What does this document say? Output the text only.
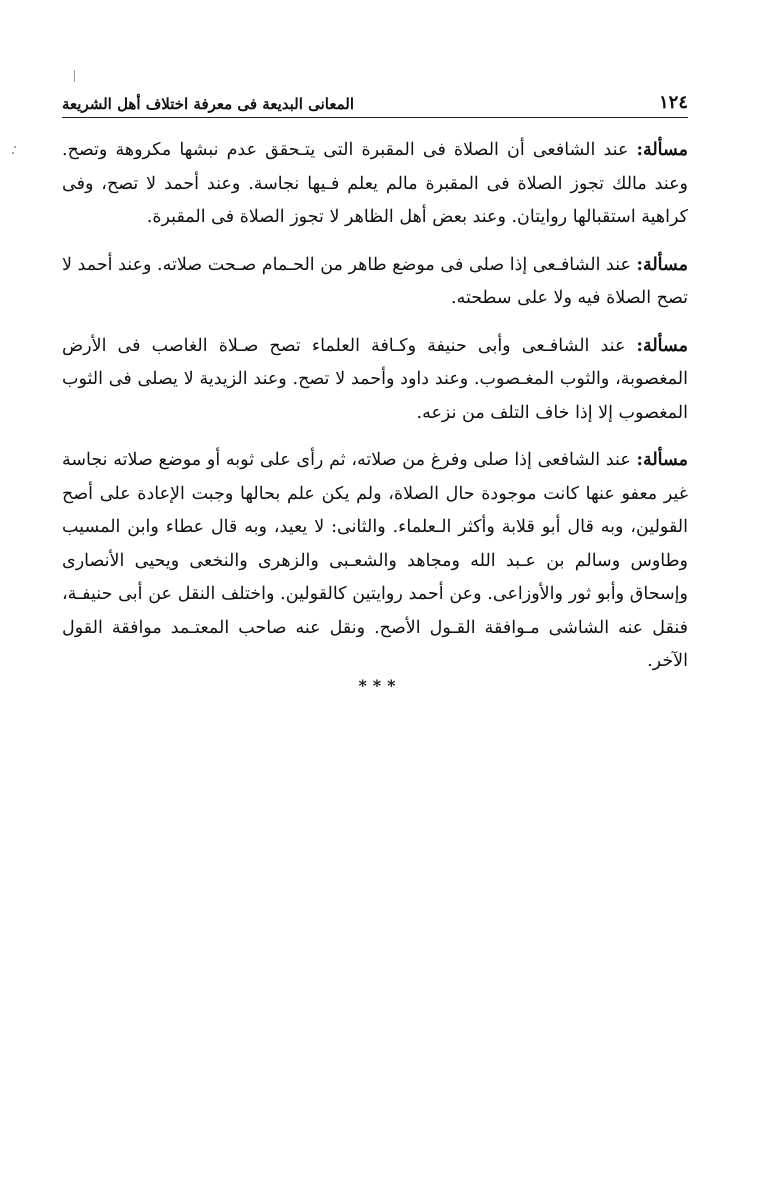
١٢٤
المعانى البديعة فى معرفة اختلاف أهل الشريعة

مسألة: عند الشافعى أن الصلاة فى المقبرة التى يتـحقق عدم نبشها مكروهة وتصح. وعند مالك تجوز الصلاة فى المقبرة مالم يعلم فـيها نجاسة. وعند أحمد لا تصح، وفى كراهية استقبالها روايتان. وعند بعض أهل الظاهر لا تجوز الصلاة فى المقبرة.

مسألة: عند الشافـعى إذا صلى فى موضع طاهر من الحـمام صـحت صلاته. وعند أحمد لا تصح الصلاة فيه ولا على سطحته.

مسألة: عند الشافـعى وأبى حنيفة وكـافة العلماء تصح صـلاة الغاصب فى الأرض المغصوبة، والثوب المغـصوب. وعند داود وأحمد لا تصح. وعند الزيدية لا يصلى فى الثوب المغصوب إلا إذا خاف التلف من نزعه.

مسألة: عند الشافعى إذا صلى وفرغ من صلاته، ثم رأى على ثوبه أو موضع صلاته نجاسة غير معفو عنها كانت موجودة حال الصلاة، ولم يكن علم بحالها وجبت الإعادة على أصح القولين، وبه قال أبو قلابة وأكثر الـعلماء. والثانى: لا يعيد، وبه قال عطاء وابن المسيب وطاوس وسالم بن عـبد الله ومجاهد والشعـبى والزهرى والنخعى ويحيى الأنصارى وإسحاق وأبو ثور والأوزاعى. وعن أحمد روايتين كالقولين. واختلف النقل عن أبى حنيفـة، فنقل عنه الشاشى مـوافقة القـول الأصح. ونقل عنه صاحب المعتـمد موافقة القول الآخر.

***
